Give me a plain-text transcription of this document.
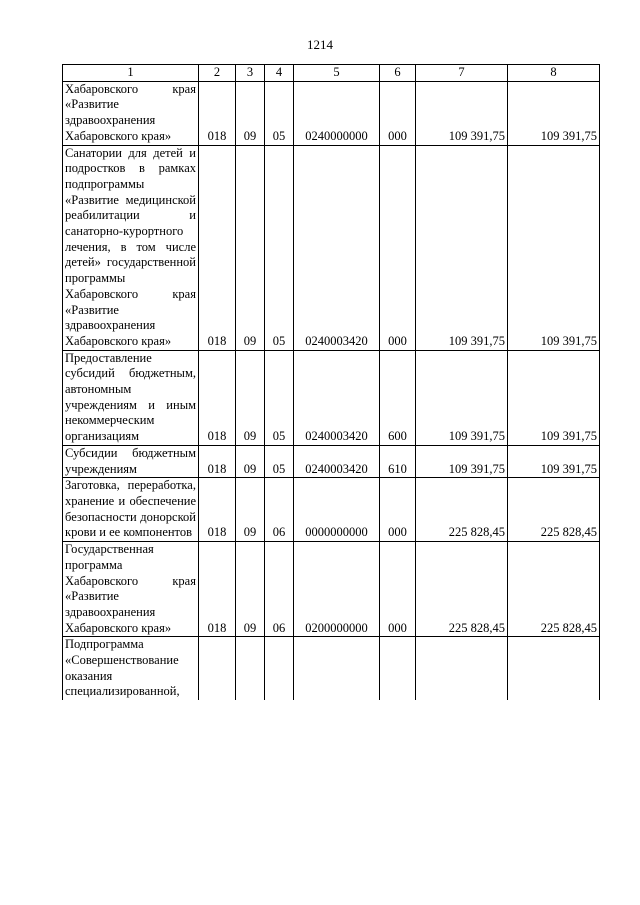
1214
1	2	3	4	5	6	7	8
Хабаровского края «Развитие здравоохранения Хабаровского края»	018	09	05	0240000000	000	109 391,75	109 391,75
Санатории для детей и подростков в рамках подпрограммы «Развитие медицинской реабилитации и санаторно-курортного лечения, в том числе детей» государственной программы Хабаровского края «Развитие здравоохранения Хабаровского края»	018	09	05	0240003420	000	109 391,75	109 391,75
Предоставление субсидий бюджетным, автономным учреждениям и иным некоммерческим организациям	018	09	05	0240003420	600	109 391,75	109 391,75
Субсидии бюджетным учреждениям	018	09	05	0240003420	610	109 391,75	109 391,75
Заготовка, переработка, хранение и обеспечение безопасности донорской крови и ее компонентов	018	09	06	0000000000	000	225 828,45	225 828,45
Государственная программа Хабаровского края «Развитие здравоохранения Хабаровского края»	018	09	06	0200000000	000	225 828,45	225 828,45
Подпрограмма «Совершенствование оказания специализированной,							
